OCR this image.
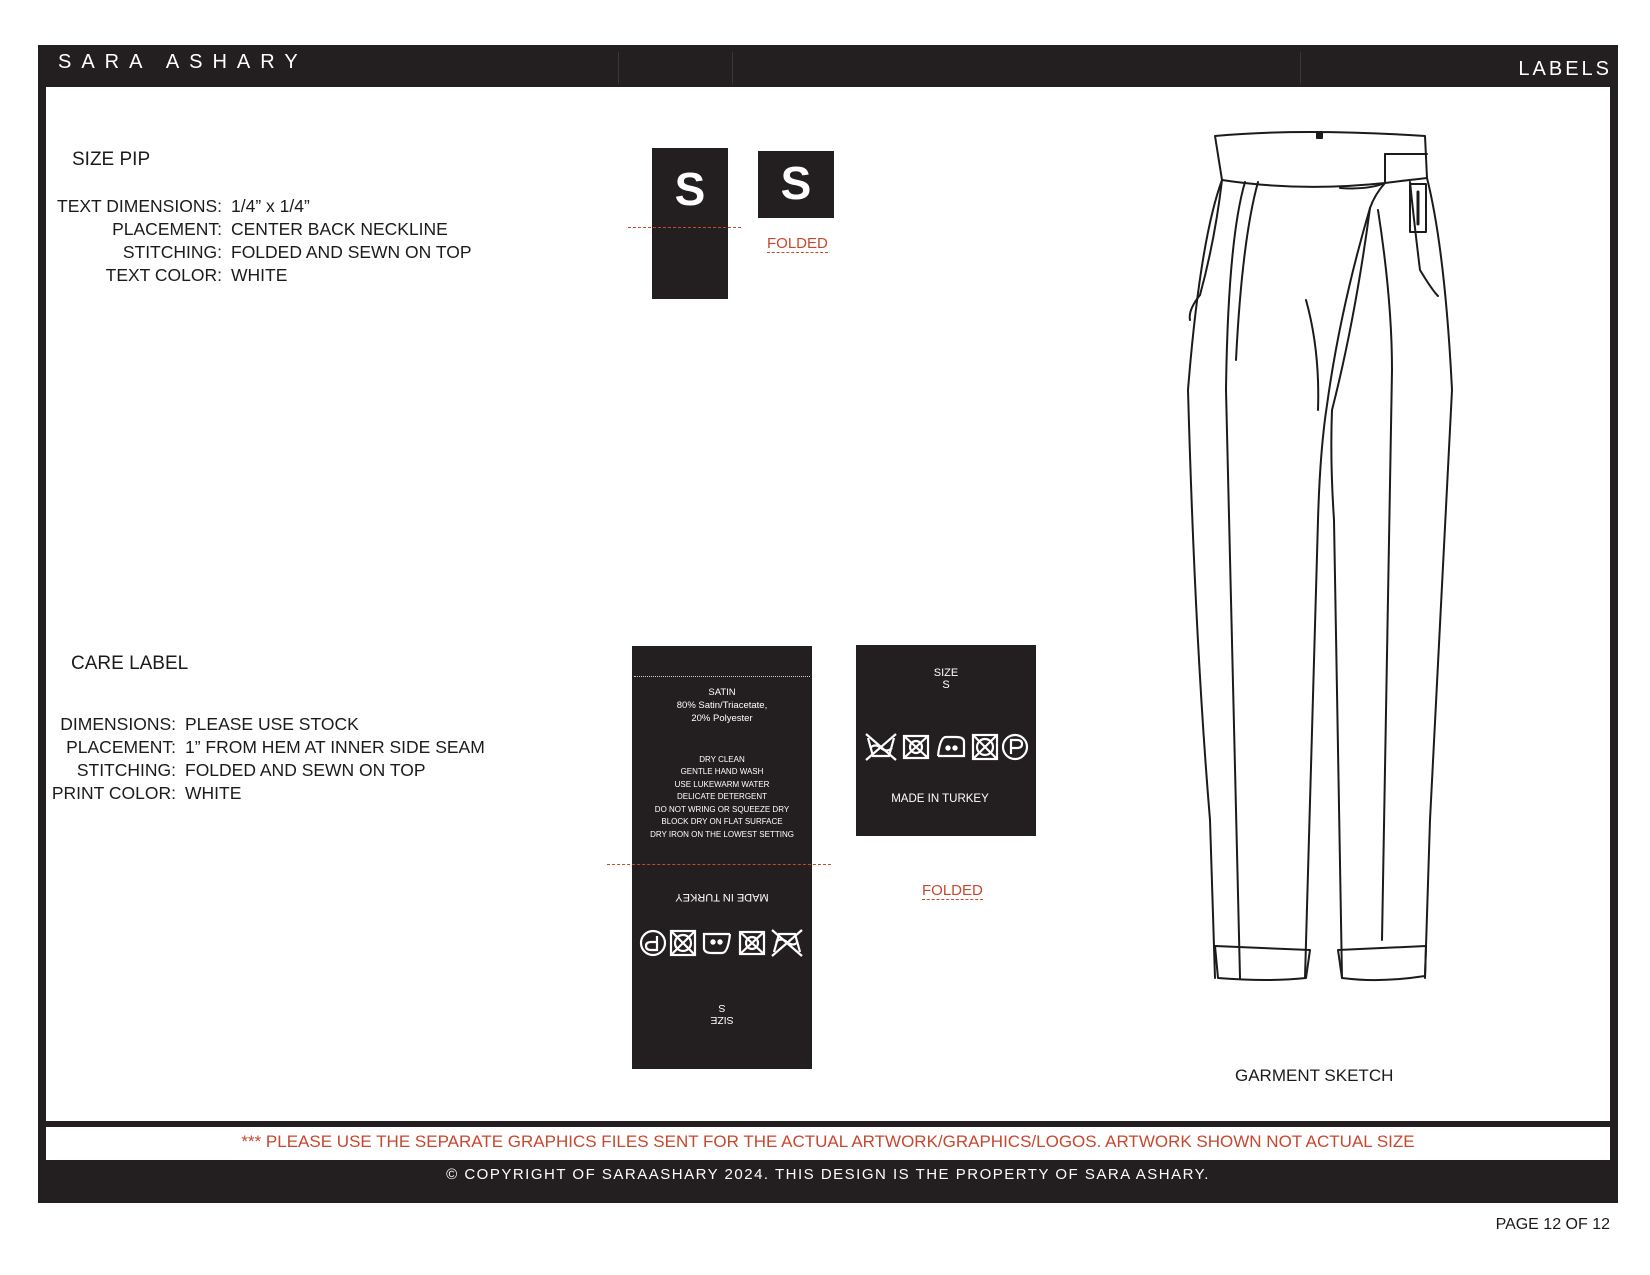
SARA ASHARY	LABELS
SIZE PIP
TEXT DIMENSIONS: 1/4” x 1/4”
PLACEMENT: CENTER BACK NECKLINE
STITCHING: FOLDED AND SEWN ON TOP
TEXT COLOR: WHITE
S	S
FOLDED
CARE LABEL
DIMENSIONS: PLEASE USE STOCK
PLACEMENT: 1” FROM HEM AT INNER SIDE SEAM
STITCHING: FOLDED AND SEWN ON TOP
PRINT COLOR: WHITE
SATIN
80% Satin/Triacetate,
20% Polyester
DRY CLEAN
GENTLE HAND WASH
USE LUKEWARM WATER
DELICATE DETERGENT
DO NOT WRING OR SQUEEZE DRY
BLOCK DRY ON FLAT SURFACE
DRY IRON ON THE LOWEST SETTING
MADE IN TURKEY
S
SIZE
SIZE
S
MADE IN TURKEY
FOLDED
GARMENT SKETCH
*** PLEASE USE THE SEPARATE GRAPHICS FILES SENT FOR THE ACTUAL ARTWORK/GRAPHICS/LOGOS. ARTWORK SHOWN NOT ACTUAL SIZE
© COPYRIGHT OF SARAASHARY 2024. THIS DESIGN IS THE PROPERTY OF SARA ASHARY.
PAGE 12 OF 12
